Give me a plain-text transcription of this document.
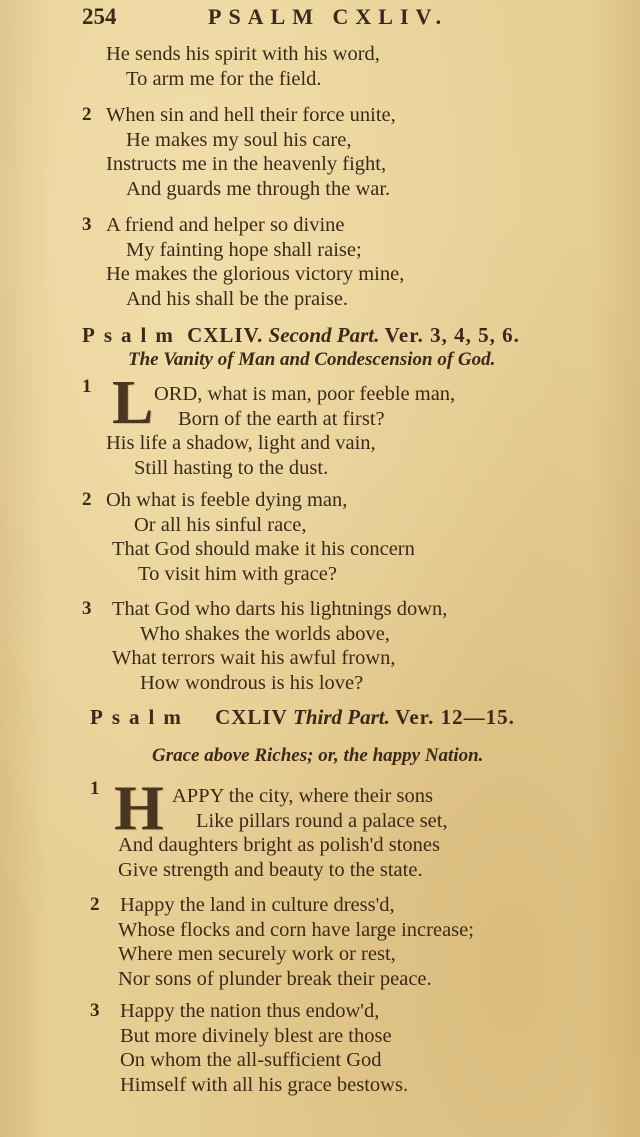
254	PSALM CXLIV.
He sends his spirit with his word,
To arm me for the field.
2 When sin and hell their force unite,
He makes my soul his care,
Instructs me in the heavenly fight,
And guards me through the war.
3 A friend and helper so divine
My fainting hope shall raise;
He makes the glorious victory mine,
And his shall be the praise.
Psalm CXLIV. Second Part. Ver. 3, 4, 5, 6.
The Vanity of Man and Condescension of God.
1 L ORD, what is man, poor feeble man,
Born of the earth at first?
His life a shadow, light and vain,
Still hasting to the dust.
2 Oh what is feeble dying man,
Or all his sinful race,
That God should make it his concern
To visit him with grace?
3 That God who darts his lightnings down,
Who shakes the worlds above,
What terrors wait his awful frown,
How wondrous is his love?
Psalm CXLIV Third Part. Ver. 12—15.
Grace above Riches; or, the happy Nation.
1 H APPY the city, where their sons
Like pillars round a palace set,
And daughters bright as polish'd stones
Give strength and beauty to the state.
2 Happy the land in culture dress'd,
Whose flocks and corn have large increase;
Where men securely work or rest,
Nor sons of plunder break their peace.
3 Happy the nation thus endow'd,
But more divinely blest are those
On whom the all-sufficient God
Himself with all his grace bestows.
